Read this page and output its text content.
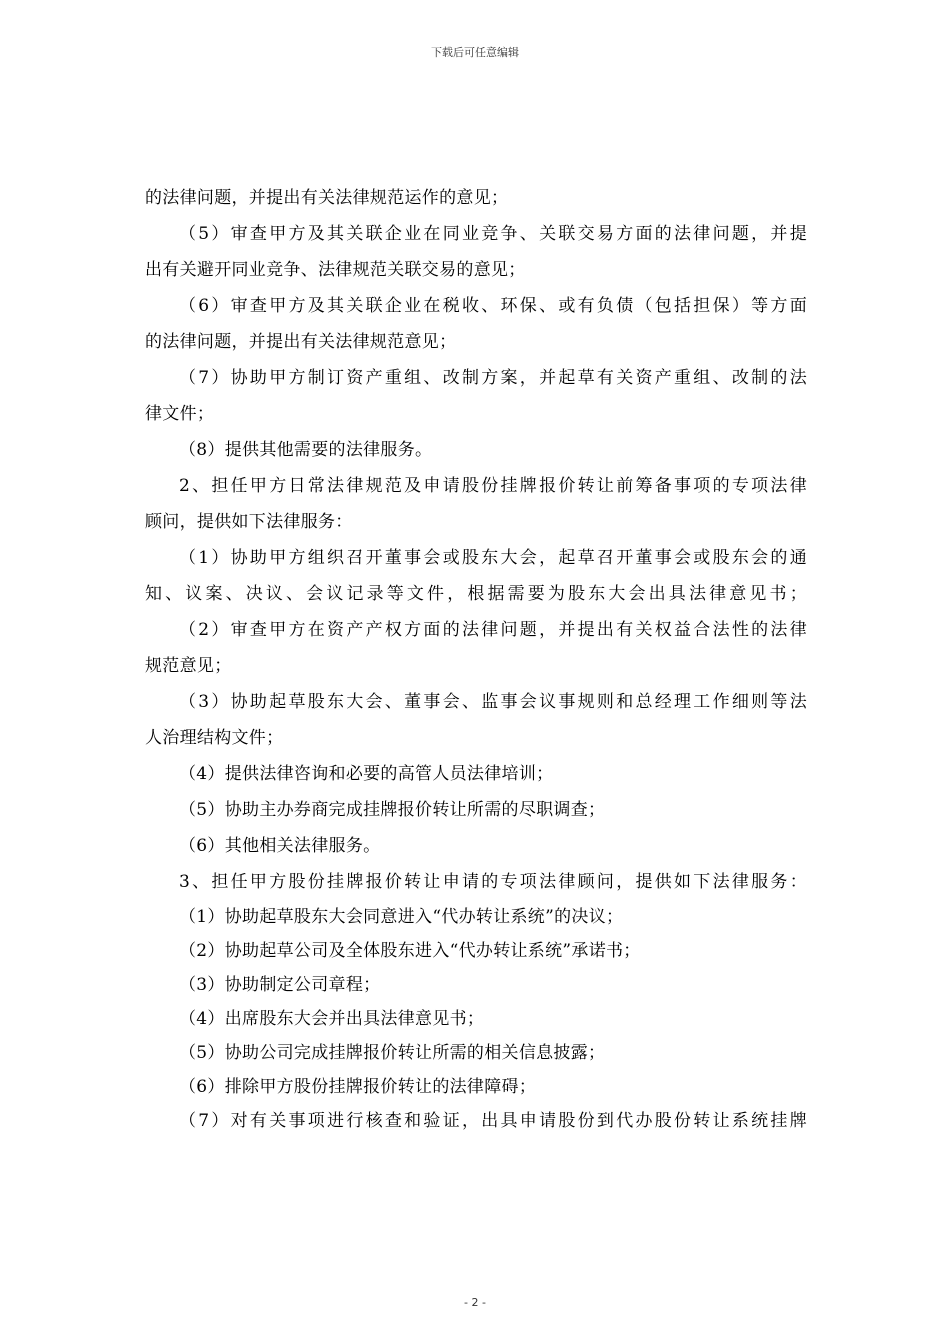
下载后可任意编辑
的法律问题，并提出有关法律规范运作的意见；
（5）审查甲方及其关联企业在同业竞争、关联交易方面的法律问题，并提
出有关避开同业竞争、法律规范关联交易的意见；
（6）审查甲方及其关联企业在税收、环保、或有负债（包括担保）等方面
的法律问题，并提出有关法律规范意见；
（7）协助甲方制订资产重组、改制方案，并起草有关资产重组、改制的法
律文件；
（8）提供其他需要的法律服务。
2、担任甲方日常法律规范及申请股份挂牌报价转让前筹备事项的专项法律
顾问，提供如下法律服务：
（1）协助甲方组织召开董事会或股东大会，起草召开董事会或股东会的通
知、议案、决议、会议记录等文件，根据需要为股东大会出具法律意见书；
（2）审查甲方在资产产权方面的法律问题，并提出有关权益合法性的法律
规范意见；
（3）协助起草股东大会、董事会、监事会议事规则和总经理工作细则等法
人治理结构文件；
（4）提供法律咨询和必要的高管人员法律培训；
（5）协助主办券商完成挂牌报价转让所需的尽职调查；
（6）其他相关法律服务。
3、担任甲方股份挂牌报价转让申请的专项法律顾问，提供如下法律服务：
（1）协助起草股东大会同意进入“代办转让系统”的决议；
（2）协助起草公司及全体股东进入“代办转让系统”承诺书；
（3）协助制定公司章程；
（4）出席股东大会并出具法律意见书；
（5）协助公司完成挂牌报价转让所需的相关信息披露；
（6）排除甲方股份挂牌报价转让的法律障碍；
（7）对有关事项进行核查和验证，出具申请股份到代办股份转让系统挂牌
- 2 -
